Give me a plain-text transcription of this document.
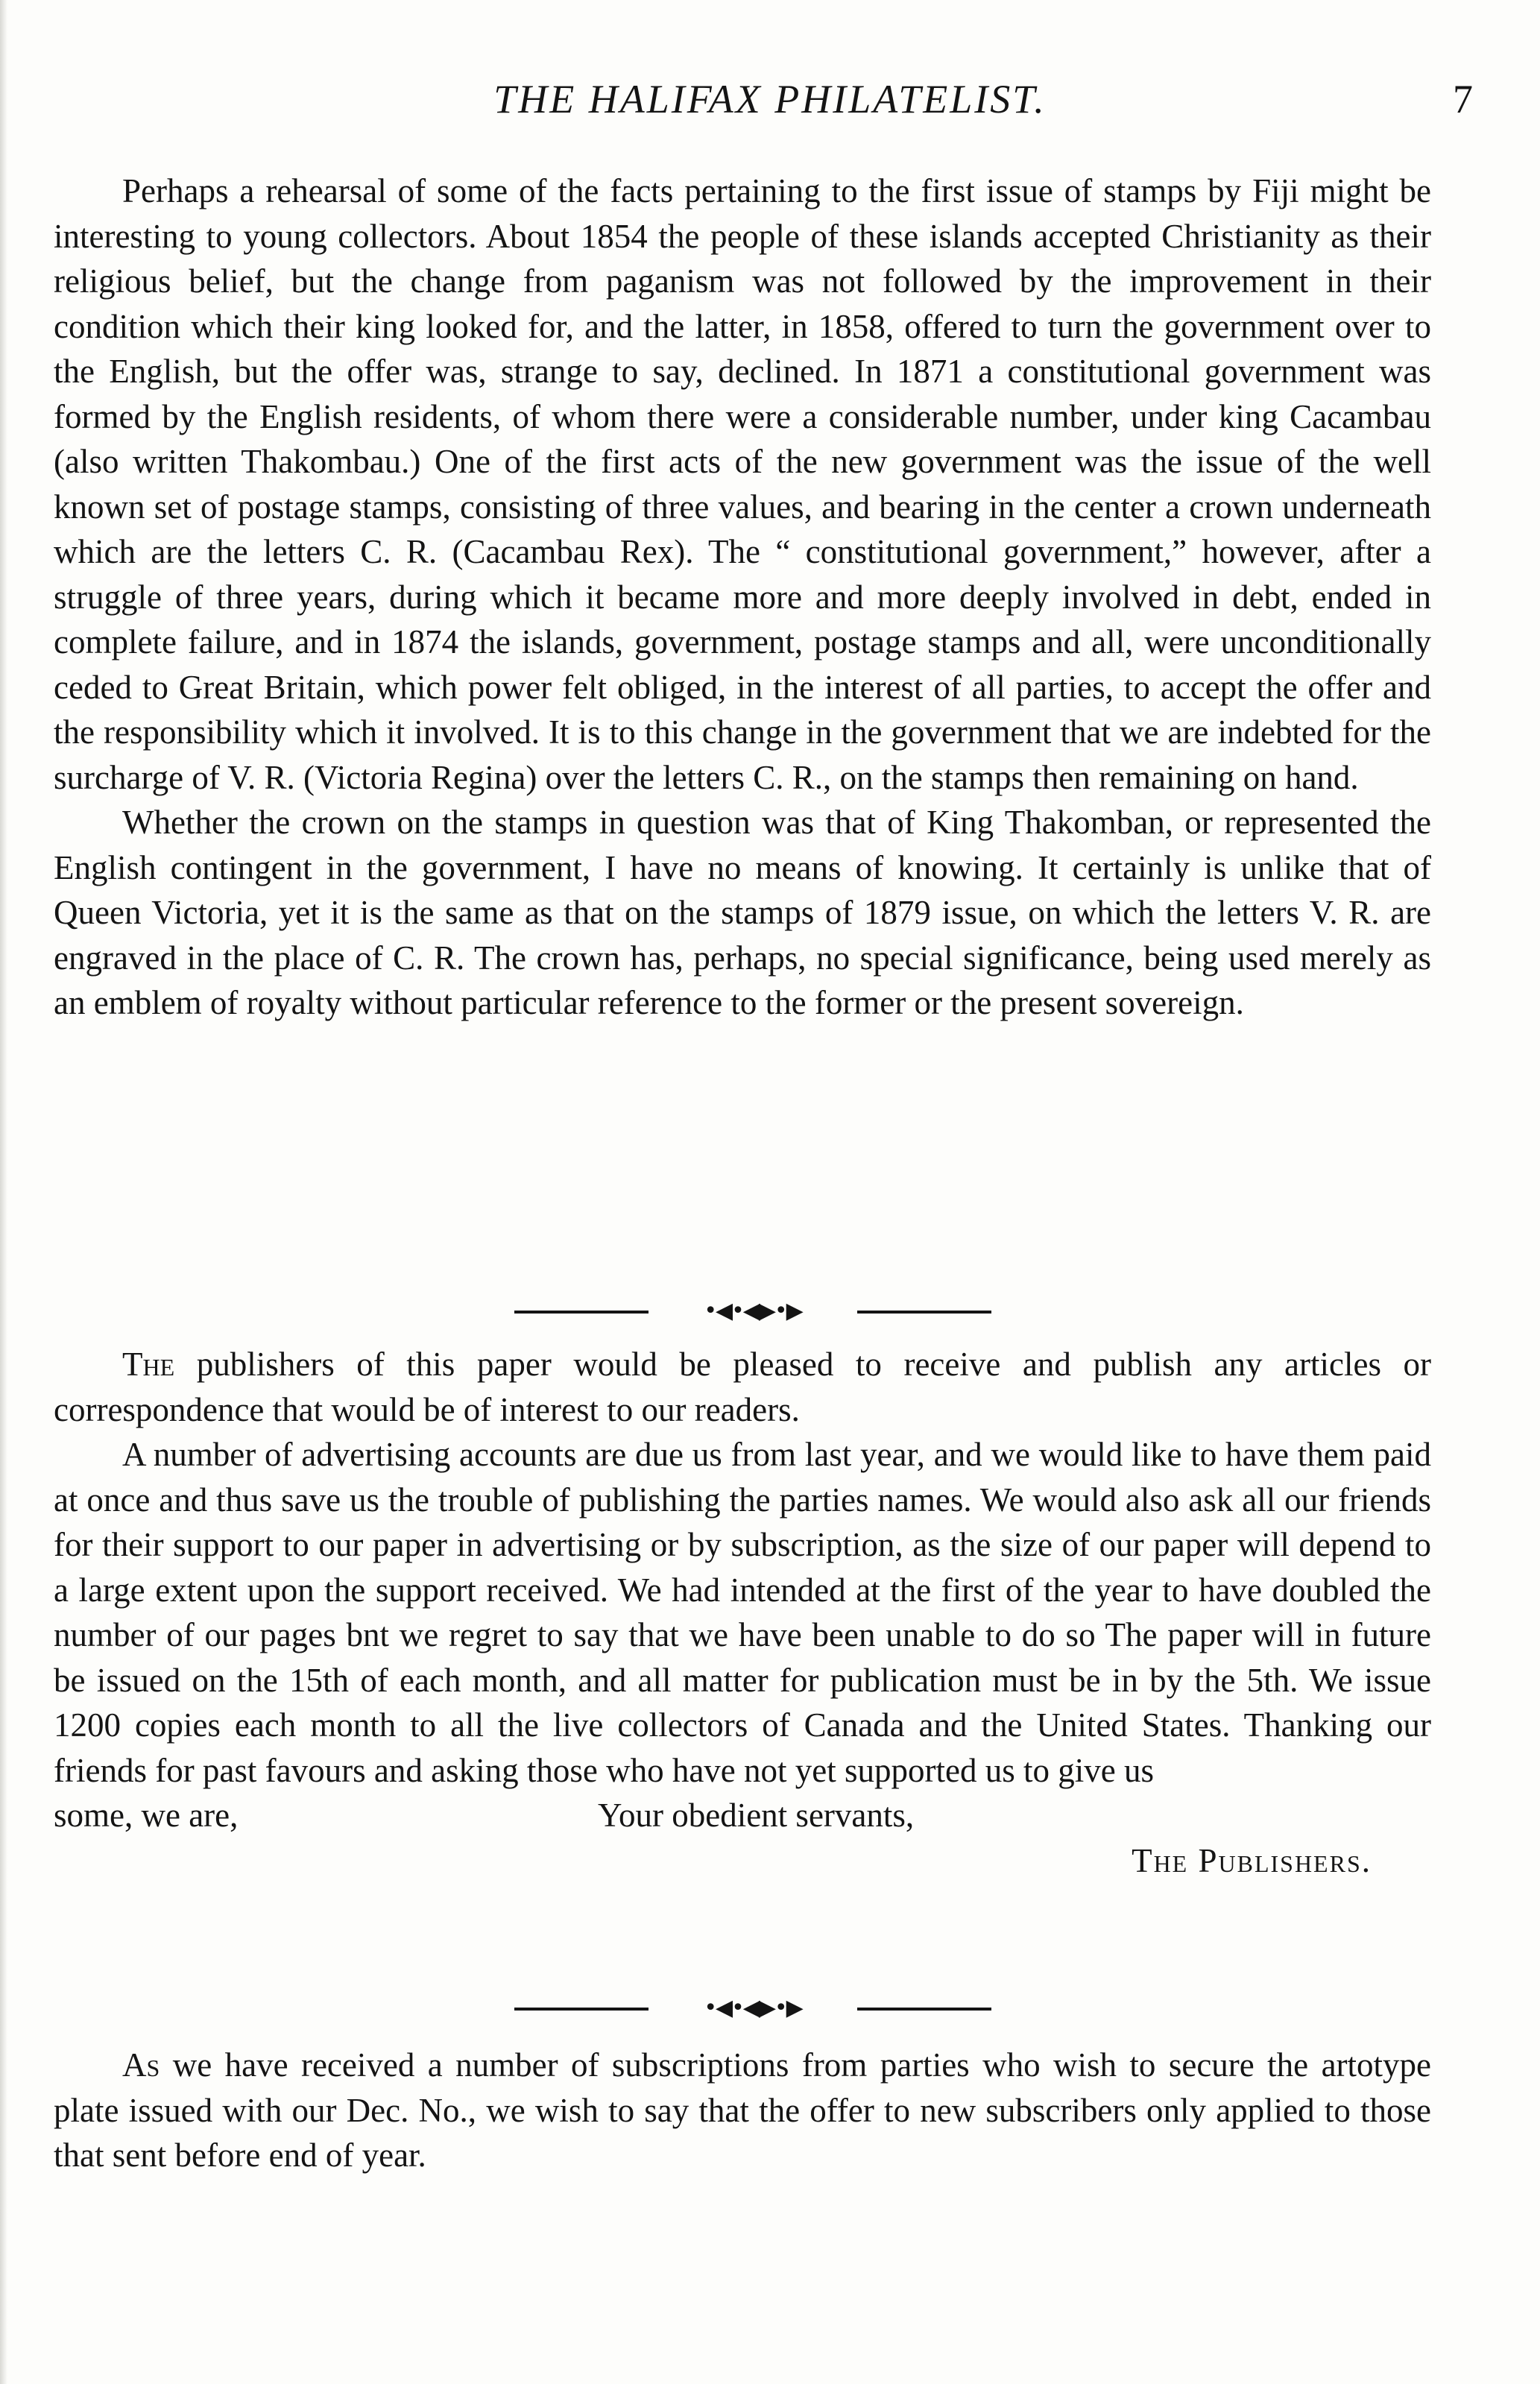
THE HALIFAX PHILATELIST.	7

Perhaps a rehearsal of some of the facts pertaining to the first issue of stamps by Fiji might be interesting to young collectors. About 1854 the people of these islands accepted Christianity as their religious belief, but the change from paganism was not followed by the improvement in their condition which their king looked for, and the latter, in 1858, offered to turn the government over to the English, but the offer was, strange to say, declined. In 1871 a constitutional government was formed by the English residents, of whom there were a considerable number, under king Cacambau (also written Thakombau.) One of the first acts of the new government was the issue of the well known set of postage stamps, consisting of three values, and bearing in the center a crown underneath which are the letters C. R. (Cacambau Rex). The “ constitutional government,” however, after a struggle of three years, during which it became more and more deeply involved in debt, ended in complete failure, and in 1874 the islands, government, postage stamps and all, were unconditionally ceded to Great Britain, which power felt obliged, in the interest of all parties, to accept the offer and the responsibility which it involved. It is to this change in the government that we are indebted for the surcharge of V. R. (Victoria Regina) over the letters C. R., on the stamps then remaining on hand.

Whether the crown on the stamps in question was that of King Thakomban, or represented the English contingent in the government, I have no means of knowing. It certainly is unlike that of Queen Victoria, yet it is the same as that on the stamps of 1879 issue, on which the letters V. R. are engraved in the place of C. R. The crown has, perhaps, no special significance, being used merely as an emblem of royalty without particular reference to the former or the present sovereign.

•◀•◀▶•▶

The publishers of this paper would be pleased to receive and publish any articles or correspondence that would be of interest to our readers.

A number of advertising accounts are due us from last year, and we would like to have them paid at once and thus save us the trouble of publishing the parties names. We would also ask all our friends for their support to our paper in advertising or by subscription, as the size of our paper will depend to a large extent upon the support received. We had intended at the first of the year to have doubled the number of our pages bnt we regret to say that we have been unable to do so The paper will in future be issued on the 15th of each month, and all matter for publication must be in by the 5th. We issue 1200 copies each month to all the live collectors of Canada and the United States. Thanking our friends for past favours and asking those who have not yet supported us to give us

some, we are,	Your obedient servants,
The Publishers.
•◀•◀▶•▶

As we have received a number of subscriptions from parties who wish to secure the artotype plate issued with our Dec. No., we wish to say that the offer to new subscribers only applied to those that sent before end of year.
